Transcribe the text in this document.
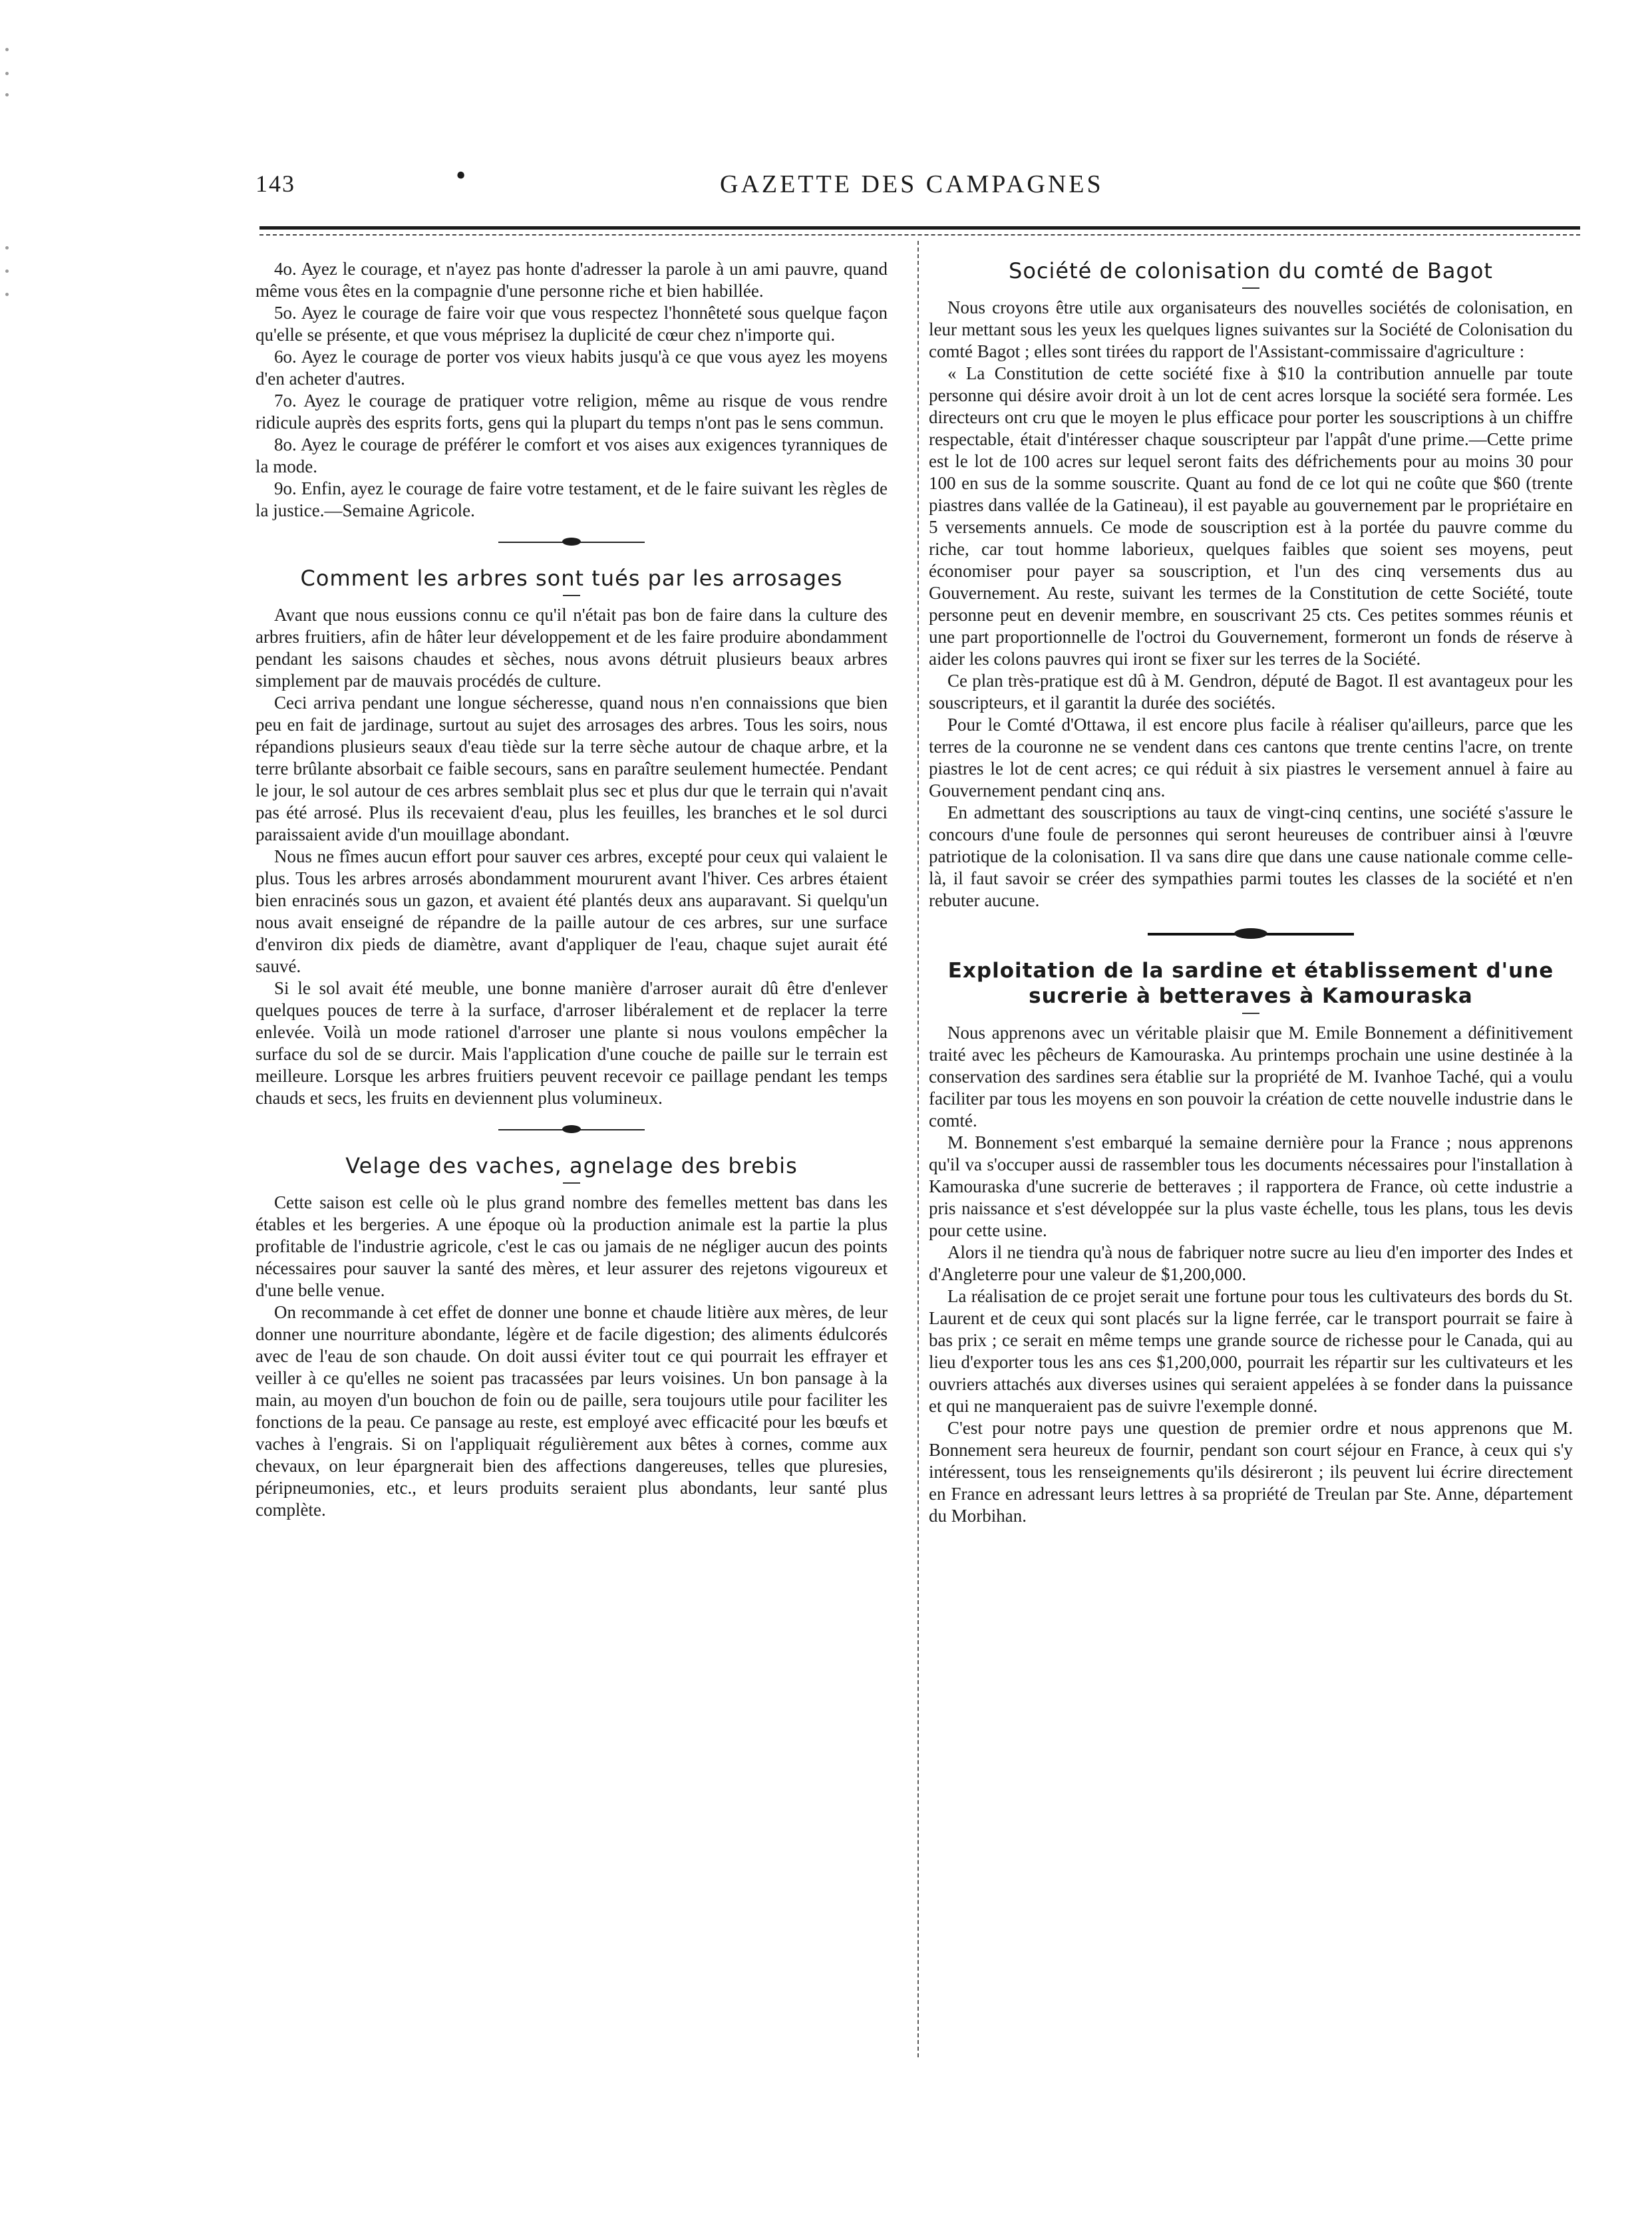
143	•	GAZETTE DES CAMPAGNES

4o. Ayez le courage, et n'ayez pas honte d'adresser la parole à un ami pauvre, quand même vous êtes en la compagnie d'une personne riche et bien habillée.

5o. Ayez le courage de faire voir que vous respectez l'honnêteté sous quelque façon qu'elle se présente, et que vous méprisez la duplicité de cœur chez n'importe qui.

6o. Ayez le courage de porter vos vieux habits jusqu'à ce que vous ayez les moyens d'en acheter d'autres.

7o. Ayez le courage de pratiquer votre religion, même au risque de vous rendre ridicule auprès des esprits forts, gens qui la plupart du temps n'ont pas le sens commun.

8o. Ayez le courage de préférer le comfort et vos aises aux exigences tyranniques de la mode.

9o. Enfin, ayez le courage de faire votre testament, et de le faire suivant les règles de la justice.—Semaine Agricole.

Comment les arbres sont tués par les arrosages

Avant que nous eussions connu ce qu'il n'était pas bon de faire dans la culture des arbres fruitiers, afin de hâter leur développement et de les faire produire abondamment pendant les saisons chaudes et sèches, nous avons détruit plusieurs beaux arbres simplement par de mauvais procédés de culture.

Ceci arriva pendant une longue sécheresse, quand nous n'en connaissions que bien peu en fait de jardinage, surtout au sujet des arrosages des arbres. Tous les soirs, nous répandions plusieurs seaux d'eau tiède sur la terre sèche autour de chaque arbre, et la terre brûlante absorbait ce faible secours, sans en paraître seulement humectée. Pendant le jour, le sol autour de ces arbres semblait plus sec et plus dur que le terrain qui n'avait pas été arrosé. Plus ils recevaient d'eau, plus les feuilles, les branches et le sol durci paraissaient avide d'un mouillage abondant.

Nous ne fîmes aucun effort pour sauver ces arbres, excepté pour ceux qui valaient le plus. Tous les arbres arrosés abondamment moururent avant l'hiver. Ces arbres étaient bien enracinés sous un gazon, et avaient été plantés deux ans auparavant. Si quelqu'un nous avait enseigné de répandre de la paille autour de ces arbres, sur une surface d'environ dix pieds de diamètre, avant d'appliquer de l'eau, chaque sujet aurait été sauvé.

Si le sol avait été meuble, une bonne manière d'arroser aurait dû être d'enlever quelques pouces de terre à la surface, d'arroser libéralement et de replacer la terre enlevée. Voilà un mode rationel d'arroser une plante si nous voulons empêcher la surface du sol de se durcir. Mais l'application d'une couche de paille sur le terrain est meilleure. Lorsque les arbres fruitiers peuvent recevoir ce paillage pendant les temps chauds et secs, les fruits en deviennent plus volumineux.

Velage des vaches, agnelage des brebis

Cette saison est celle où le plus grand nombre des femelles mettent bas dans les étables et les bergeries. A une époque où la production animale est la partie la plus profitable de l'industrie agricole, c'est le cas ou jamais de ne négliger aucun des points nécessaires pour sauver la santé des mères, et leur assurer des rejetons vigoureux et d'une belle venue.

On recommande à cet effet de donner une bonne et chaude litière aux mères, de leur donner une nourriture abondante, légère et de facile digestion; des aliments édulcorés avec de l'eau de son chaude. On doit aussi éviter tout ce qui pourrait les effrayer et veiller à ce qu'elles ne soient pas tracassées par leurs voisines. Un bon pansage à la main, au moyen d'un bouchon de foin ou de paille, sera toujours utile pour faciliter les fonctions de la peau. Ce pansage au reste, est employé avec efficacité pour les bœufs et vaches à l'engrais. Si on l'appliquait régulièrement aux bêtes à cornes, comme aux chevaux, on leur épargnerait bien des affections dangereuses, telles que pluresies, péripneumonies, etc., et leurs produits seraient plus abondants, leur santé plus complète.

Société de colonisation du comté de Bagot

Nous croyons être utile aux organisateurs des nouvelles sociétés de colonisation, en leur mettant sous les yeux les quelques lignes suivantes sur la Société de Colonisation du comté Bagot ; elles sont tirées du rapport de l'Assistant-commissaire d'agriculture :

« La Constitution de cette société fixe à $10 la contribution annuelle par toute personne qui désire avoir droit à un lot de cent acres lorsque la société sera formée. Les directeurs ont cru que le moyen le plus efficace pour porter les souscriptions à un chiffre respectable, était d'intéresser chaque souscripteur par l'appât d'une prime.—Cette prime est le lot de 100 acres sur lequel seront faits des défrichements pour au moins 30 pour 100 en sus de la somme souscrite. Quant au fond de ce lot qui ne coûte que $60 (trente piastres dans vallée de la Gatineau), il est payable au gouvernement par le propriétaire en 5 versements annuels. Ce mode de souscription est à la portée du pauvre comme du riche, car tout homme laborieux, quelques faibles que soient ses moyens, peut économiser pour payer sa souscription, et l'un des cinq versements dus au Gouvernement. Au reste, suivant les termes de la Constitution de cette Société, toute personne peut en devenir membre, en souscrivant 25 cts. Ces petites sommes réunis et une part proportionnelle de l'octroi du Gouvernement, formeront un fonds de réserve à aider les colons pauvres qui iront se fixer sur les terres de la Société.

Ce plan très-pratique est dû à M. Gendron, député de Bagot. Il est avantageux pour les souscripteurs, et il garantit la durée des sociétés.

Pour le Comté d'Ottawa, il est encore plus facile à réaliser qu'ailleurs, parce que les terres de la couronne ne se vendent dans ces cantons que trente centins l'acre, on trente piastres le lot de cent acres; ce qui réduit à six piastres le versement annuel à faire au Gouvernement pendant cinq ans.

En admettant des souscriptions au taux de vingt-cinq centins, une société s'assure le concours d'une foule de personnes qui seront heureuses de contribuer ainsi à l'œuvre patriotique de la colonisation. Il va sans dire que dans une cause nationale comme celle-là, il faut savoir se créer des sympathies parmi toutes les classes de la société et n'en rebuter aucune.

Exploitation de la sardine et établissement d'une sucrerie à betteraves à Kamouraska

Nous apprenons avec un véritable plaisir que M. Emile Bonnement a définitivement traité avec les pêcheurs de Kamouraska. Au printemps prochain une usine destinée à la conservation des sardines sera établie sur la propriété de M. Ivanhoe Taché, qui a voulu faciliter par tous les moyens en son pouvoir la création de cette nouvelle industrie dans le comté.

M. Bonnement s'est embarqué la semaine dernière pour la France ; nous apprenons qu'il va s'occuper aussi de rassembler tous les documents nécessaires pour l'installation à Kamouraska d'une sucrerie de betteraves ; il rapportera de France, où cette industrie a pris naissance et s'est développée sur la plus vaste échelle, tous les plans, tous les devis pour cette usine.

Alors il ne tiendra qu'à nous de fabriquer notre sucre au lieu d'en importer des Indes et d'Angleterre pour une valeur de $1,200,000.

La réalisation de ce projet serait une fortune pour tous les cultivateurs des bords du St. Laurent et de ceux qui sont placés sur la ligne ferrée, car le transport pourrait se faire à bas prix ; ce serait en même temps une grande source de richesse pour le Canada, qui au lieu d'exporter tous les ans ces $1,200,000, pourrait les répartir sur les cultivateurs et les ouvriers attachés aux diverses usines qui seraient appelées à se fonder dans la puissance et qui ne manqueraient pas de suivre l'exemple donné.

C'est pour notre pays une question de premier ordre et nous apprenons que M. Bonnement sera heureux de fournir, pendant son court séjour en France, à ceux qui s'y intéressent, tous les renseignements qu'ils désireront ; ils peuvent lui écrire directement en France en adressant leurs lettres à sa propriété de Treulan par Ste. Anne, département du Morbihan.
